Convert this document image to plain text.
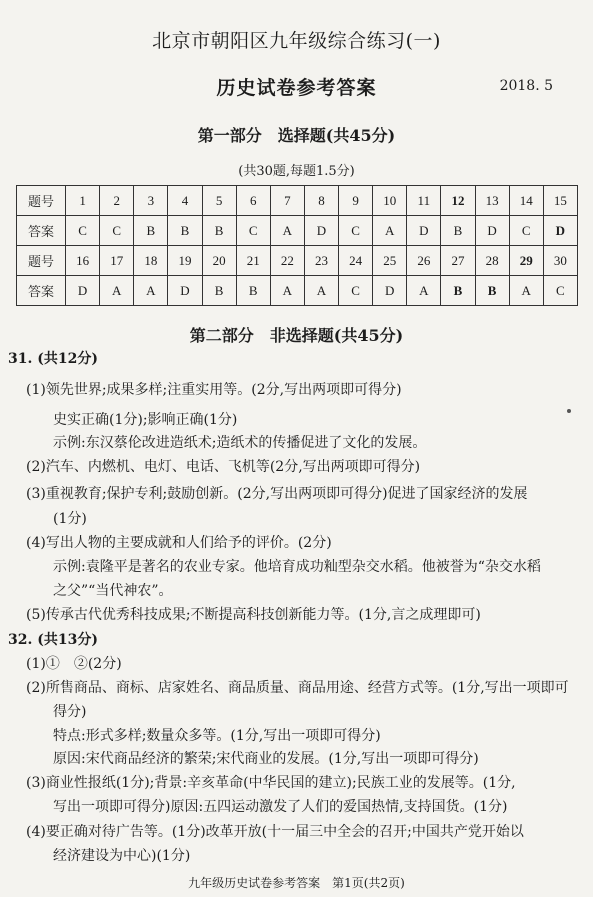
北京市朝阳区九年级综合练习(一)
历史试卷参考答案	2018. 5
第一部分　选择题(共45分)
(共30题,每题1.5分)
题号	1	2	3	4	5	6	7	8	9	10	11	12	13	14	15
答案	C	C	B	B	B	C	A	D	C	A	D	B	D	C	D
题号	16	17	18	19	20	21	22	23	24	25	26	27	28	29	30
答案	D	A	A	D	B	B	A	A	C	D	A	B	B	A	C
第二部分　非选择题(共45分)
31. (共12分)
(1)领先世界;成果多样;注重实用等。(2分,写出两项即可得分)
史实正确(1分);影响正确(1分)
示例:东汉蔡伦改进造纸术;造纸术的传播促进了文化的发展。
(2)汽车、内燃机、电灯、电话、飞机等(2分,写出两项即可得分)
(3)重视教育;保护专利;鼓励创新。(2分,写出两项即可得分)促进了国家经济的发展
(1分)
(4)写出人物的主要成就和人们给予的评价。(2分)
示例:袁隆平是著名的农业专家。他培育成功籼型杂交水稻。他被誉为“杂交水稻
之父”“当代神农”。
(5)传承古代优秀科技成果;不断提高科技创新能力等。(1分,言之成理即可)
32. (共13分)
(1)①　②(2分)
(2)所售商品、商标、店家姓名、商品质量、商品用途、经营方式等。(1分,写出一项即可
得分)
特点:形式多样;数量众多等。(1分,写出一项即可得分)
原因:宋代商品经济的繁荣;宋代商业的发展。(1分,写出一项即可得分)
(3)商业性报纸(1分);背景:辛亥革命(中华民国的建立);民族工业的发展等。(1分,
写出一项即可得分)原因:五四运动激发了人们的爱国热情,支持国货。(1分)
(4)要正确对待广告等。(1分)改革开放(十一届三中全会的召开;中国共产党开始以
经济建设为中心)(1分)
九年级历史试卷参考答案　第1页(共2页)
